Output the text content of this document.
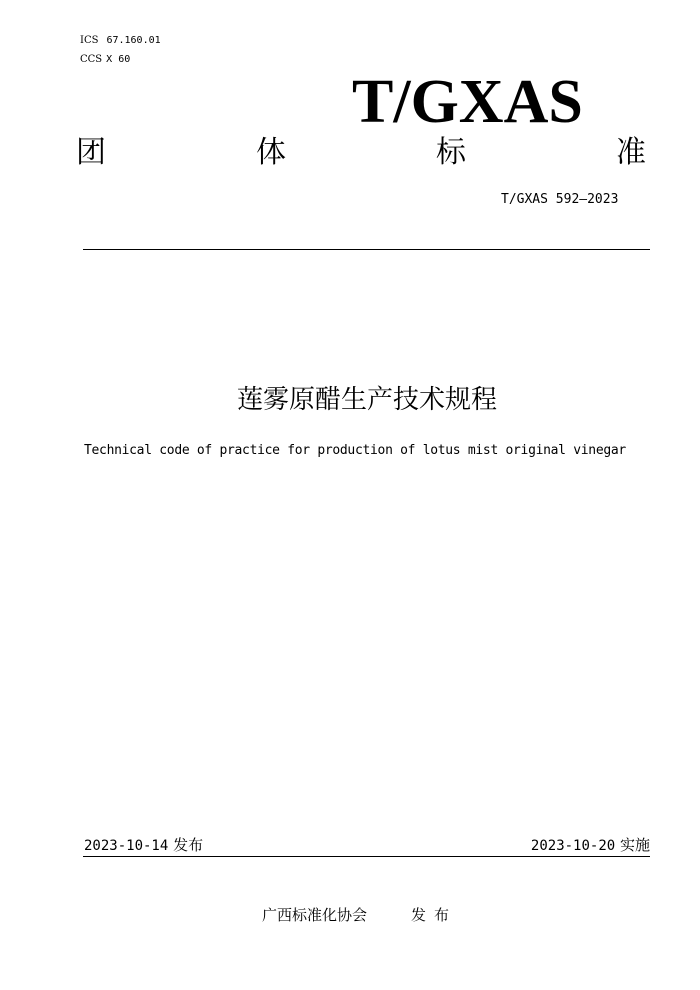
ICS 67.160.01
CCS X 60
T/GXAS
团	体	标	准
T/GXAS 592—2023
莲雾原醋生产技术规程
Technical code of practice for production of lotus mist original vinegar
2023-10-14 发布	2023-10-20 实施
广西标准化协会	发布
